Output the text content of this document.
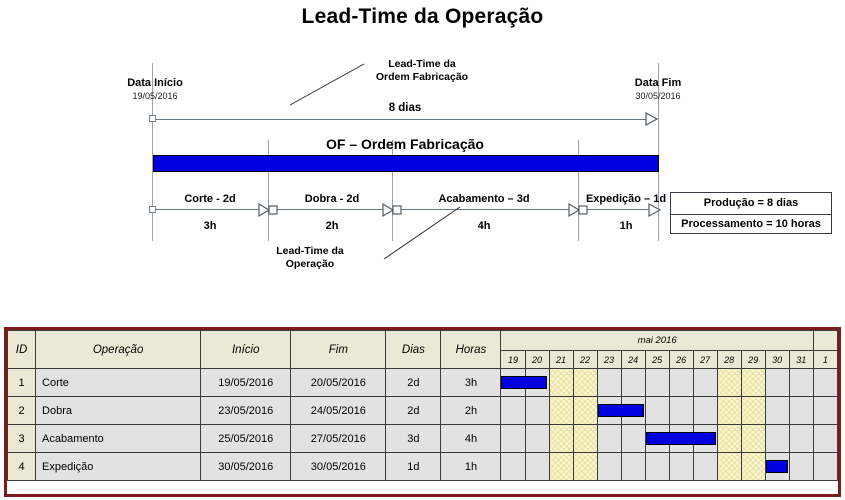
Lead-Time da Operação
Data Início
19/05/2016
Data Fim
30/05/2016
Lead-Time da
Ordem Fabricação
8 dias
OF – Ordem Fabricação
Corte - 2d
3h
Dobra - 2d
2h
Acabamento – 3d
4h
Expedição – 1d
1h
Lead-Time da
Operação
Produção = 8 dias
Processamento = 10 horas
ID	Operação	Início	Fim	Dias	Horas	mai 2016													
						19	20	21	22	23	24	25	26	27	28	29	30	31	1
1	Corte	19/05/2016	20/05/2016	2d	3h	

2	Dobra	23/05/2016	24/05/2016	2d	2h					

3	Acabamento	25/05/2016	27/05/2016	3d	4h							

4	Expedição	30/05/2016	30/05/2016	1d	1h												
